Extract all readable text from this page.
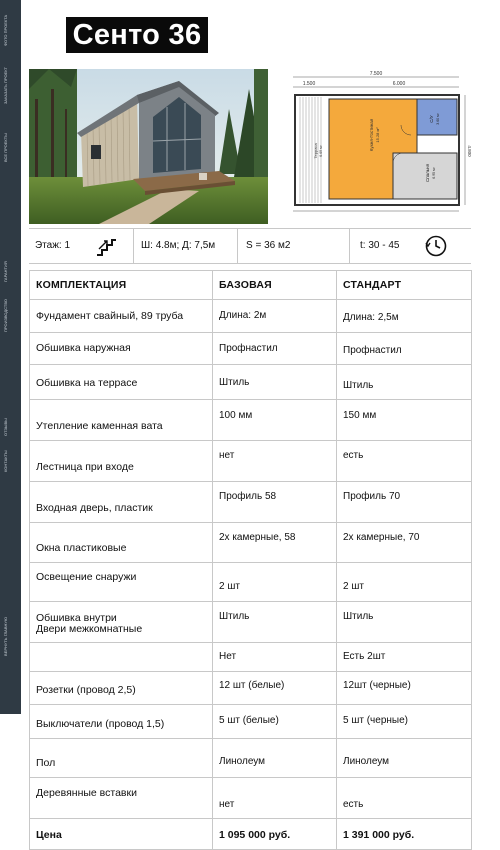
ФОТО ПРОЕКТА
ЗАКАЗАТЬ ПРОЕКТ
ВСЕ ПРОЕКТЫ
ГАРАНТИЯ
ПРОИЗВОДСТВО
ОТЗЫВЫ
КОНТАКТЫ
ВЕРНУТЬ ГЛАВНУЮ
Сенто 36
7.500
6.000
1.500
Терраса 6.69 м²	Кухня-Гостиная 15.28 м²
С/У 3.60 м²
Спальня 6.95 м²
4.800
Этаж: 1	Ш: 4.8м; Д: 7,5м	S = 36 м2	t: 30 - 45
КОМПЛЕКТАЦИЯ	БАЗОВАЯ	СТАНДАРТ
Фундамент свайный, 89 труба	Длина: 2м	Длина: 2,5м
Обшивка наружная	Профнастил	Профнастил
Обшивка на террасе	Штиль	Штиль
Утепление каменная вата	100 мм	150 мм
Лестница при входе	нет	есть
Входная дверь, пластик	Профиль 58	Профиль 70
Окна пластиковые	2х камерные, 58	2х камерные, 70
Освещение снаружи	2 шт	2 шт

Обшивка внутри
Двери межкомнатные	Штиль	Штиль
	Нет	Есть 2шт
Розетки (провод 2,5)	12 шт (белые)	12шт (черные)
Выключатели (провод 1,5)	5 шт (белые)	5 шт (черные)
Пол	Линолеум	Линолеум
Деревянные вставки	нет	есть
Цена	1 095 000 руб.	1 391 000 руб.
